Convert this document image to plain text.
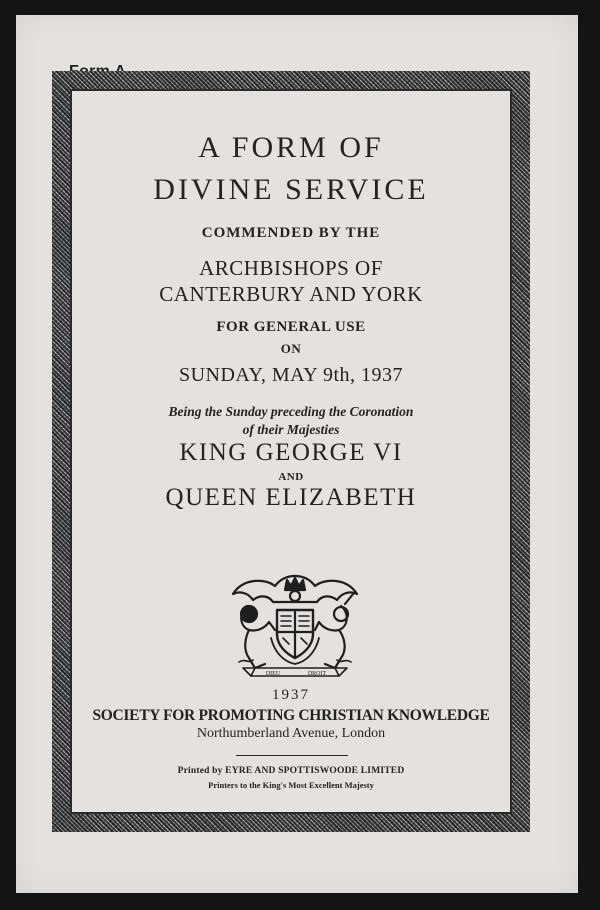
Form A
A FORM OF
DIVINE SERVICE
COMMENDED BY THE
ARCHBISHOPS OF
CANTERBURY AND YORK
FOR GENERAL USE
ON
SUNDAY, MAY 9th, 1937
Being the Sunday preceding the Coronation
of their Majesties
KING GEORGE VI
AND
QUEEN ELIZABETH
DIEU	DROIT
1937
SOCIETY FOR PROMOTING CHRISTIAN KNOWLEDGE
Northumberland Avenue, London
Printed by EYRE AND SPOTTISWOODE LIMITED
Printers to the King's Most Excellent Majesty
